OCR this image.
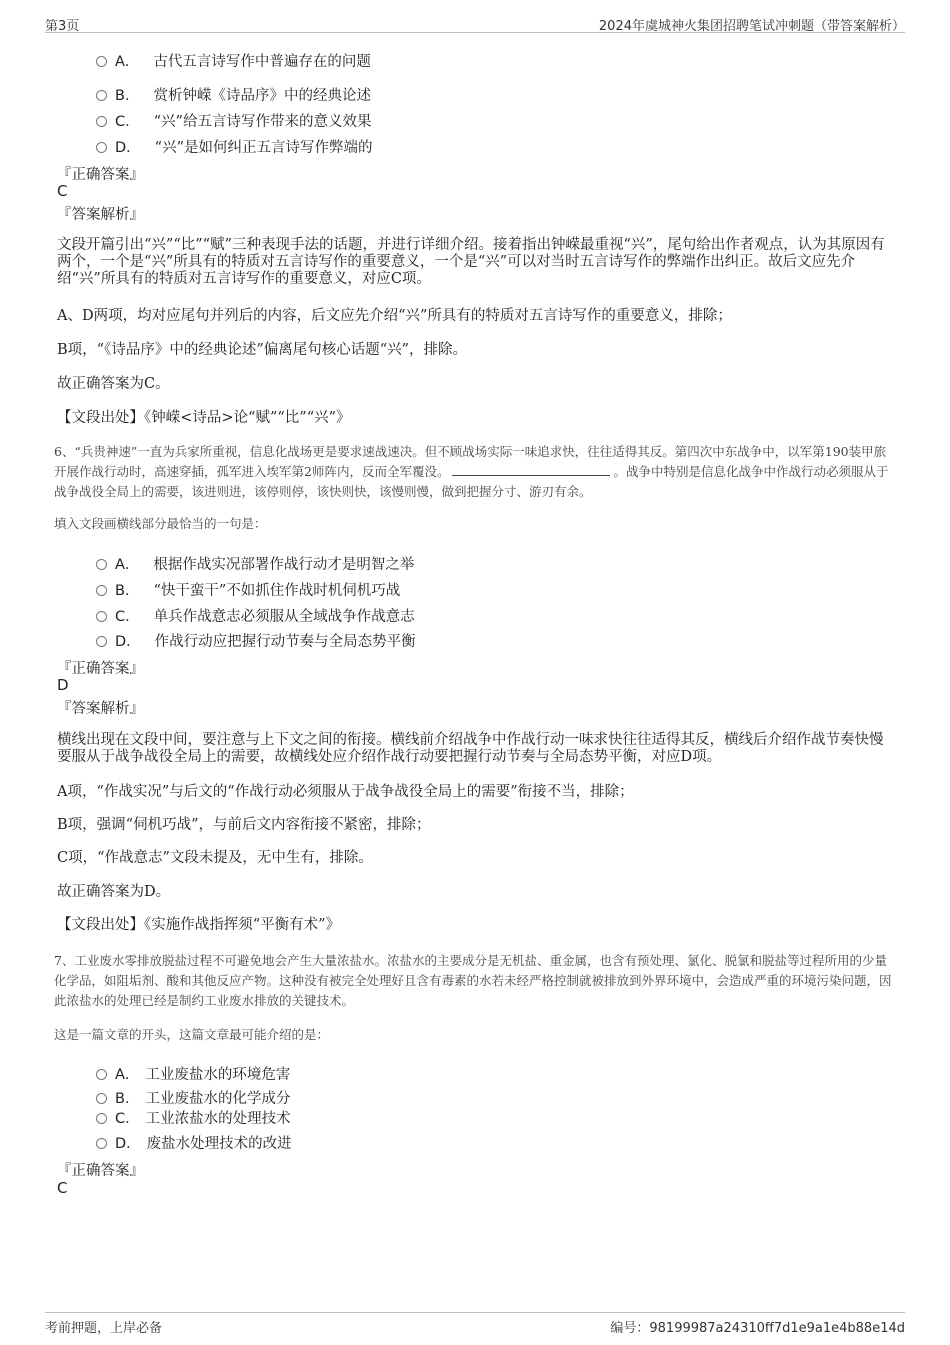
第3页	2024年虞城神火集团招聘笔试冲刺题（带答案解析）
A． 古代五言诗写作中普遍存在的问题
B． 赏析钟嵘《诗品序》中的经典论述
C． “兴”给五言诗写作带来的意义效果
D． “兴”是如何纠正五言诗写作弊端的
『正确答案』
C
『答案解析』
文段开篇引出“兴”“比”“赋”三种表现手法的话题，并进行详细介绍。接着指出钟嵘最重视“兴”，尾句给出作者观点，认为其原因有两个，一个是“兴”所具有的特质对五言诗写作的重要意义，一个是“兴”可以对当时五言诗写作的弊端作出纠正。故后文应先介绍“兴”所具有的特质对五言诗写作的重要意义，对应C项。
A、D两项，均对应尾句并列后的内容，后文应先介绍“兴”所具有的特质对五言诗写作的重要意义，排除；
B项，“《诗品序》中的经典论述”偏离尾句核心话题“兴”，排除。
故正确答案为C。
【文段出处】《钟嵘<诗品>论“赋”“比”“兴”》
6、“兵贵神速”一直为兵家所重视，信息化战场更是要求速战速决。但不顾战场实际一味追求快，往往适得其反。第四次中东战争中，以军第190装甲旅开展作战行动时，高速穿插，孤军进入埃军第2师阵内，反而全军覆没。	。战争中特别是信息化战争中作战行动必须服从于战争战役全局上的需要，该进则进，该停则停，该快则快，该慢则慢，做到把握分寸、游刃有余。
填入文段画横线部分最恰当的一句是：
A． 根据作战实况部署作战行动才是明智之举
B． “快干蛮干”不如抓住作战时机伺机巧战
C． 单兵作战意志必须服从全域战争作战意志
D． 作战行动应把握行动节奏与全局态势平衡
『正确答案』
D
『答案解析』
横线出现在文段中间，要注意与上下文之间的衔接。横线前介绍战争中作战行动一味求快往往适得其反，横线后介绍作战节奏快慢要服从于战争战役全局上的需要，故横线处应介绍作战行动要把握行动节奏与全局态势平衡，对应D项。
A项，“作战实况”与后文的“作战行动必须服从于战争战役全局上的需要”衔接不当，排除；
B项，强调“伺机巧战”，与前后文内容衔接不紧密，排除；
C项，“作战意志”文段未提及，无中生有，排除。
故正确答案为D。
【文段出处】《实施作战指挥须“平衡有术”》
7、工业废水零排放脱盐过程不可避免地会产生大量浓盐水。浓盐水的主要成分是无机盐、重金属，也含有预处理、氯化、脱氯和脱盐等过程所用的少量化学品，如阻垢剂、酸和其他反应产物。这种没有被完全处理好且含有毒素的水若未经严格控制就被排放到外界环境中，会造成严重的环境污染问题，因此浓盐水的处理已经是制约工业废水排放的关键技术。
这是一篇文章的开头，这篇文章最可能介绍的是：
A． 工业废盐水的环境危害
B． 工业废盐水的化学成分
C． 工业浓盐水的处理技术
D． 废盐水处理技术的改进
『正确答案』
C
考前押题，上岸必备	编号：98199987a24310ff7d1e9a1e4b88e14d
